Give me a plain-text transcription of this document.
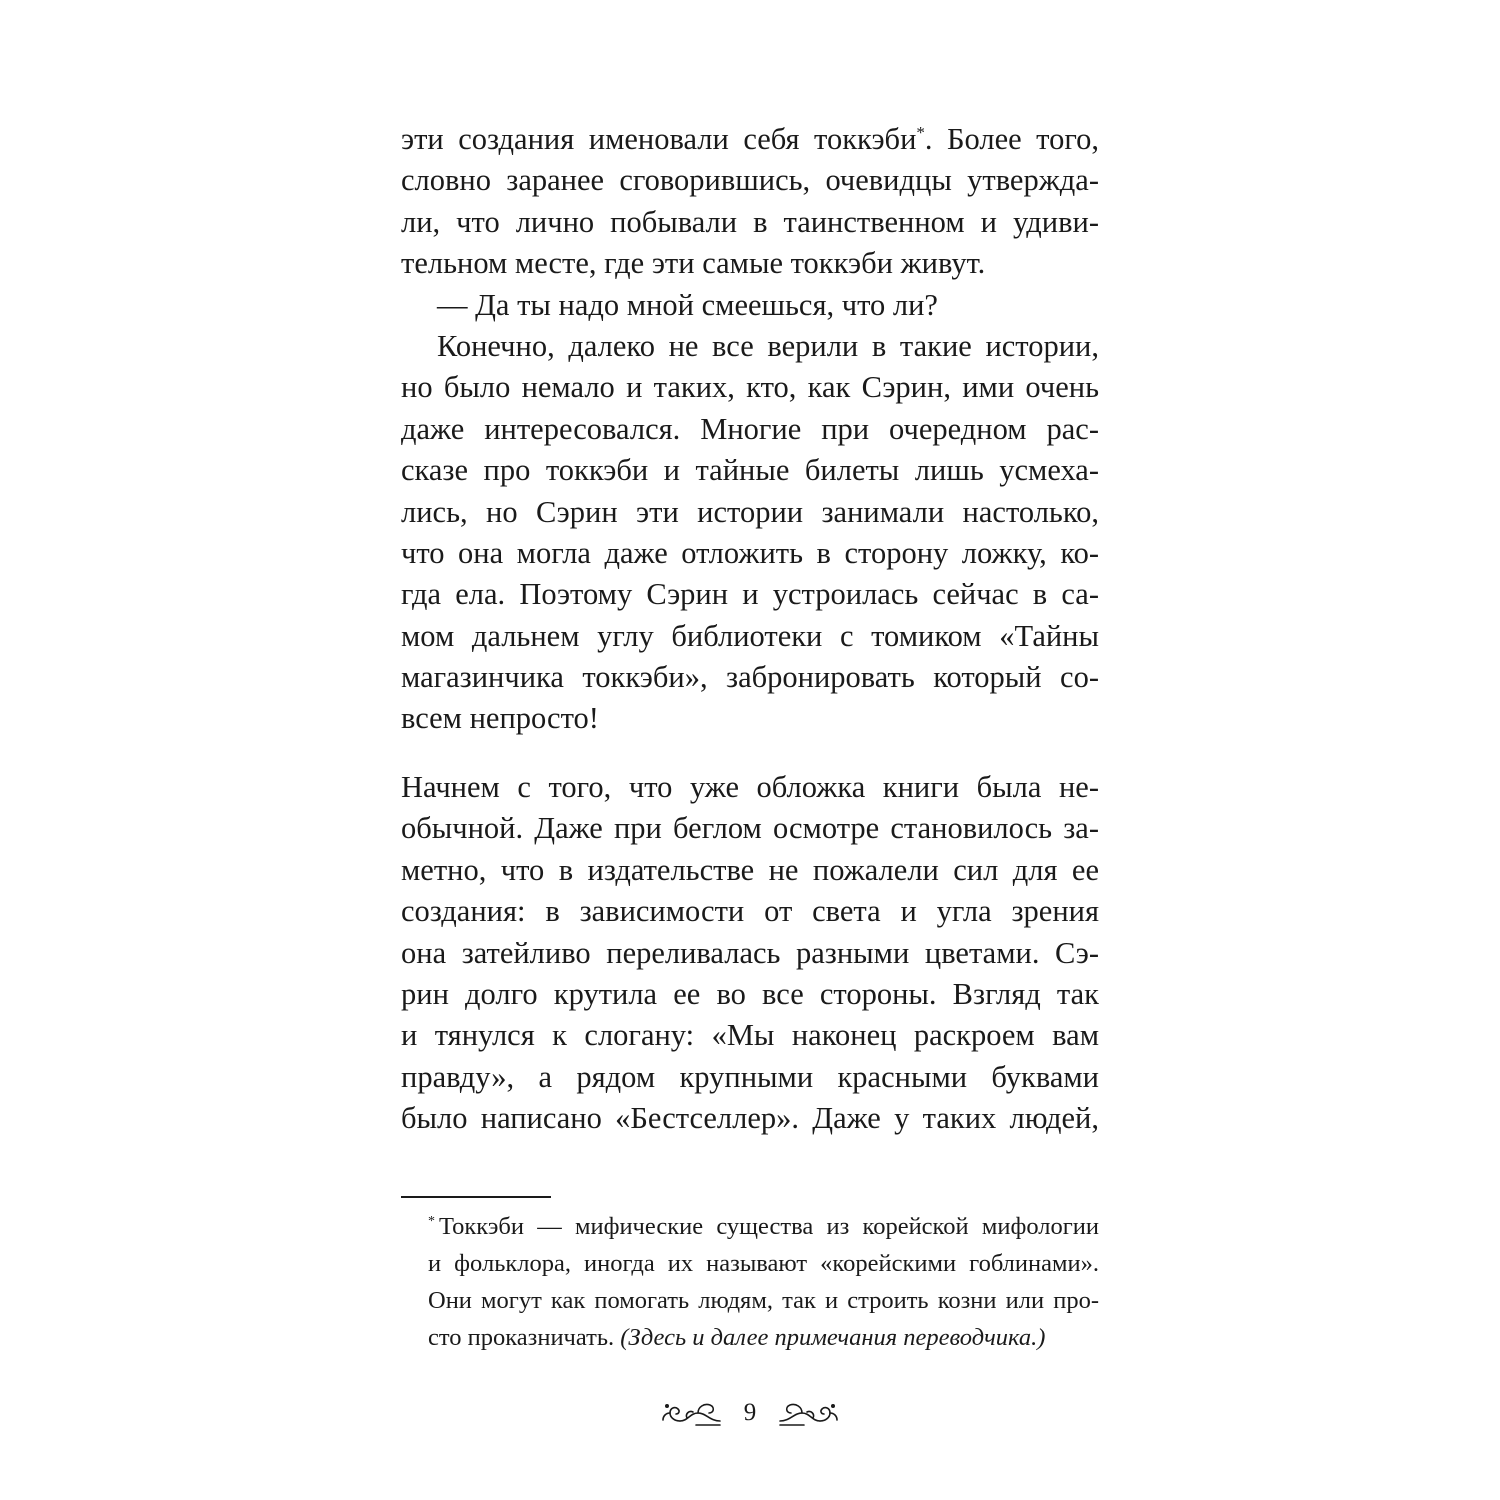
эти создания именовали себя токкэби*. Более того,
словно заранее сговорившись, очевидцы утвержда-
ли, что лично побывали в таинственном и удиви-
тельном месте, где эти самые токкэби живут.
— Да ты надо мной смеешься, что ли?
Конечно, далеко не все верили в такие истории,
но было немало и таких, кто, как Сэрин, ими очень
даже интересовался. Многие при очередном рас-
сказе про токкэби и тайные билеты лишь усмеха-
лись, но Сэрин эти истории занимали настолько,
что она могла даже отложить в сторону ложку, ко-
гда ела. Поэтому Сэрин и устроилась сейчас в са-
мом дальнем углу библиотеки с томиком «Тайны
магазинчика токкэби», забронировать который со-
всем непросто!
Начнем с того, что уже обложка книги была не-
обычной. Даже при беглом осмотре становилось за-
метно, что в издательстве не пожалели сил для ее
создания: в зависимости от света и угла зрения
она затейливо переливалась разными цветами. Сэ-
рин долго крутила ее во все стороны. Взгляд так
и тянулся к слогану: «Мы наконец раскроем вам
правду», а рядом крупными красными буквами
было написано «Бестселлер». Даже у таких людей,
* Токкэби — мифические существа из корейской мифологии
и фольклора, иногда их называют «корейскими гоблинами».
Они могут как помогать людям, так и строить козни или про-
сто проказничать. (Здесь и далее примечания переводчика.)
9
